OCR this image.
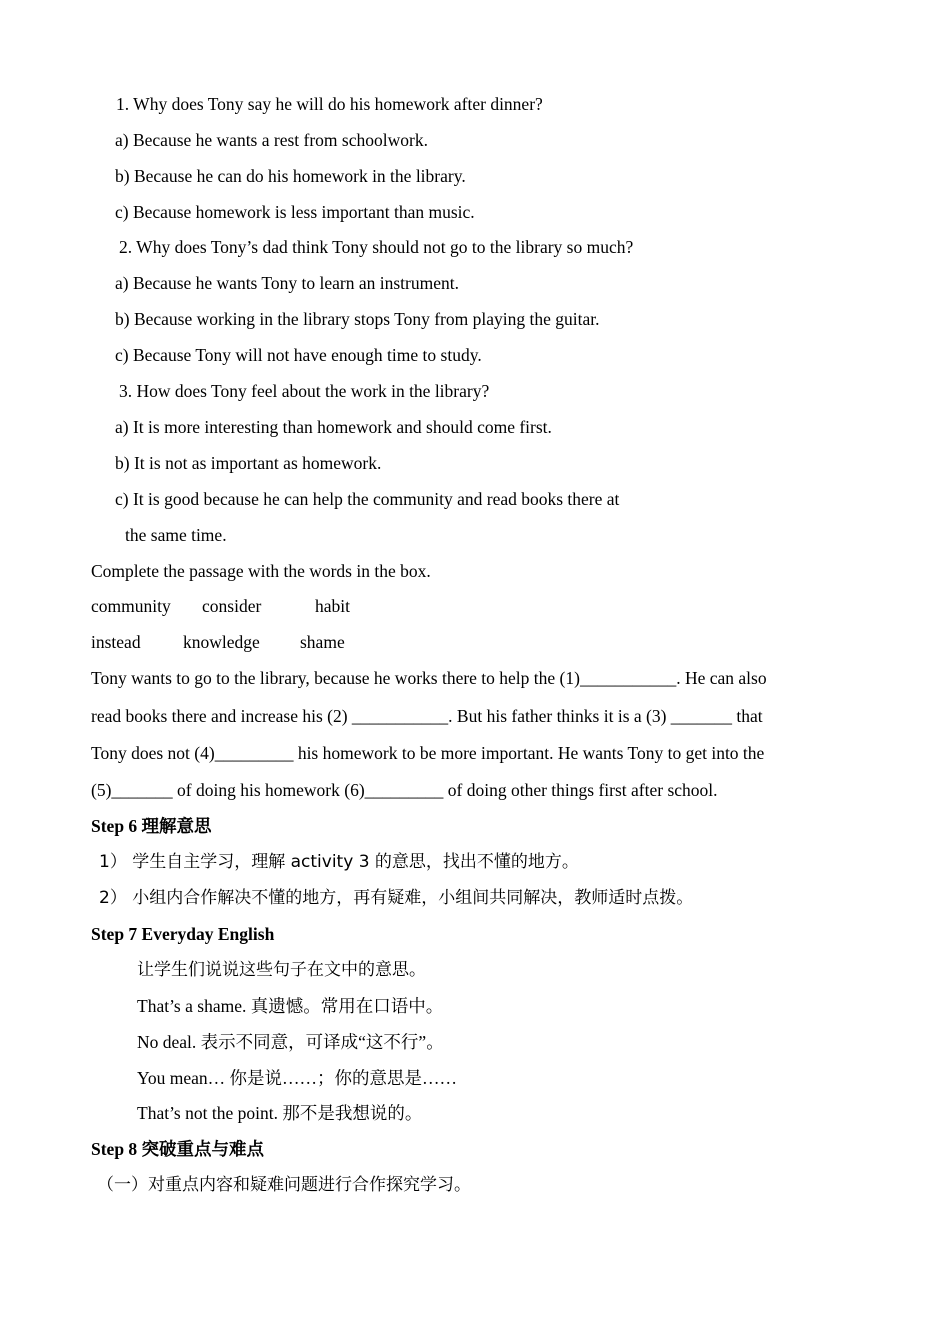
1. Why does Tony say he will do his homework after dinner?
a) Because he wants a rest from schoolwork.
b) Because he can do his homework in the library.
c) Because homework is less important than music.
2. Why does Tony’s dad think Tony should not go to the library so much?
a) Because he wants Tony to learn an instrument.
b) Because working in the library stops Tony from playing the guitar.
c) Because Tony will not have enough time to study.
3. How does Tony feel about the work in the library?
a) It is more interesting than homework and should come first.
b) It is not as important as homework.
c) It is good because he can help the community and read books there at
the same time.
Complete the passage with the words in the box.
community consider	habit
instead knowledge shame
Tony wants to go to the library, because he works there to help the (1)___________. He can also
read books there and increase his (2) ___________. But his father thinks it is a (3) _______ that
Tony does not (4)_________ his homework to be more important. He wants Tony to get into the
(5)_______ of doing his homework (6)_________ of doing other things first after school.
Step 6 理解意思
1） 学生自主学习，理解 activity 3 的意思，找出不懂的地方。
2） 小组内合作解决不懂的地方，再有疑难，小组间共同解决，教师适时点拨。
Step 7 Everyday English
让学生们说说这些句子在文中的意思。
That’s a shame. 真遗憾。常用在口语中。
No deal. 表示不同意，可译成“这不行”。
You mean… 你是说……；你的意思是……
That’s not the point. 那不是我想说的。
Step 8 突破重点与难点
（一）对重点内容和疑难问题进行合作探究学习。
